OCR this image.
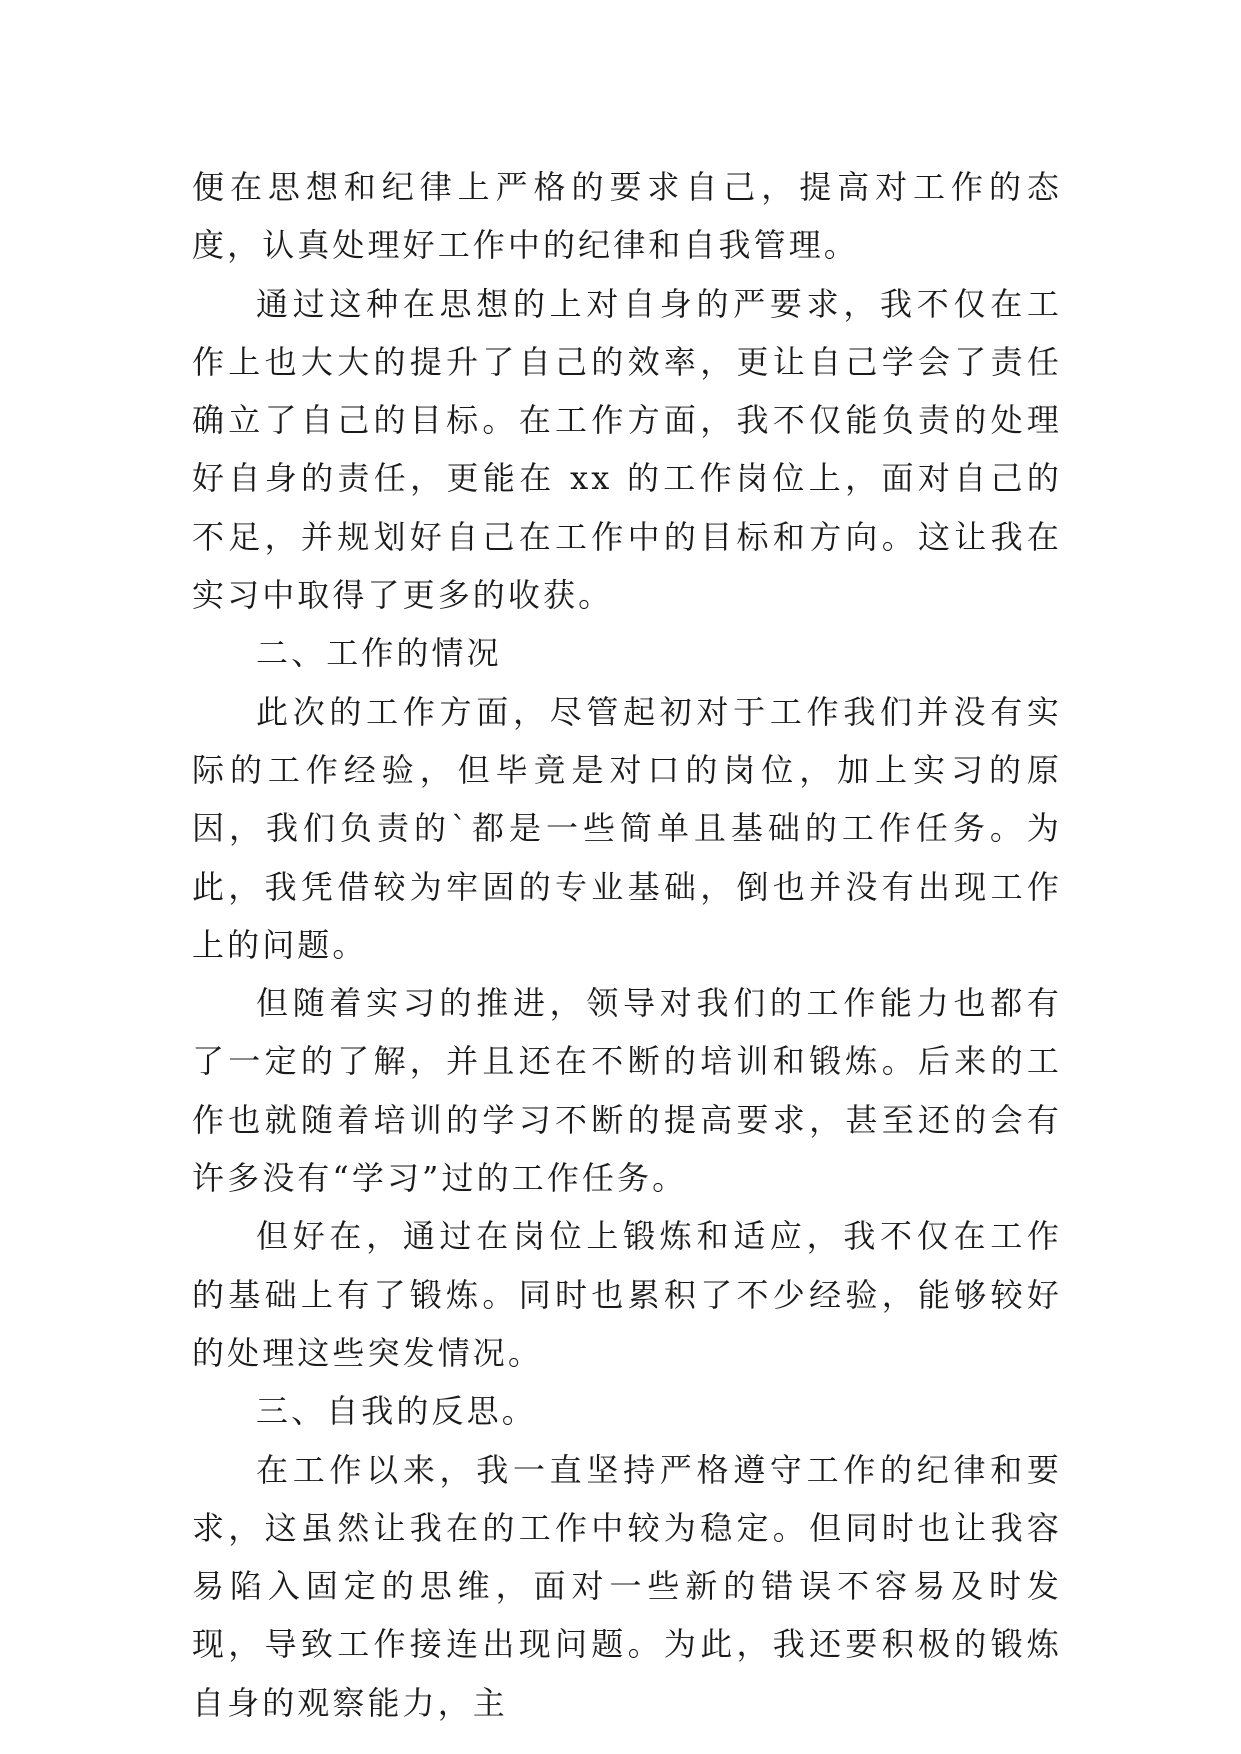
便在思想和纪律上严格的要求自己，提高对工作的态度，认真处理好工作中的纪律和自我管理。

通过这种在思想的上对自身的严要求，我不仅在工作上也大大的提升了自己的效率，更让自己学会了责任确立了自己的目标。在工作方面，我不仅能负责的处理好自身的责任，更能在 xx 的工作岗位上，面对自己的不足，并规划好自己在工作中的目标和方向。这让我在实习中取得了更多的收获。

二、工作的情况

此次的工作方面，尽管起初对于工作我们并没有实际的工作经验，但毕竟是对口的岗位，加上实习的原因，我们负责的`都是一些简单且基础的工作任务。为此，我凭借较为牢固的专业基础，倒也并没有出现工作上的问题。

但随着实习的推进，领导对我们的工作能力也都有了一定的了解，并且还在不断的培训和锻炼。后来的工作也就随着培训的学习不断的提高要求，甚至还的会有许多没有“学习”过的工作任务。

但好在，通过在岗位上锻炼和适应，我不仅在工作的基础上有了锻炼。同时也累积了不少经验，能够较好的处理这些突发情况。

三、自我的反思。

在工作以来，我一直坚持严格遵守工作的纪律和要求，这虽然让我在的工作中较为稳定。但同时也让我容易陷入固定的思维，面对一些新的错误不容易及时发现，导致工作接连出现问题。为此，我还要积极的锻炼自身的观察能力，主
